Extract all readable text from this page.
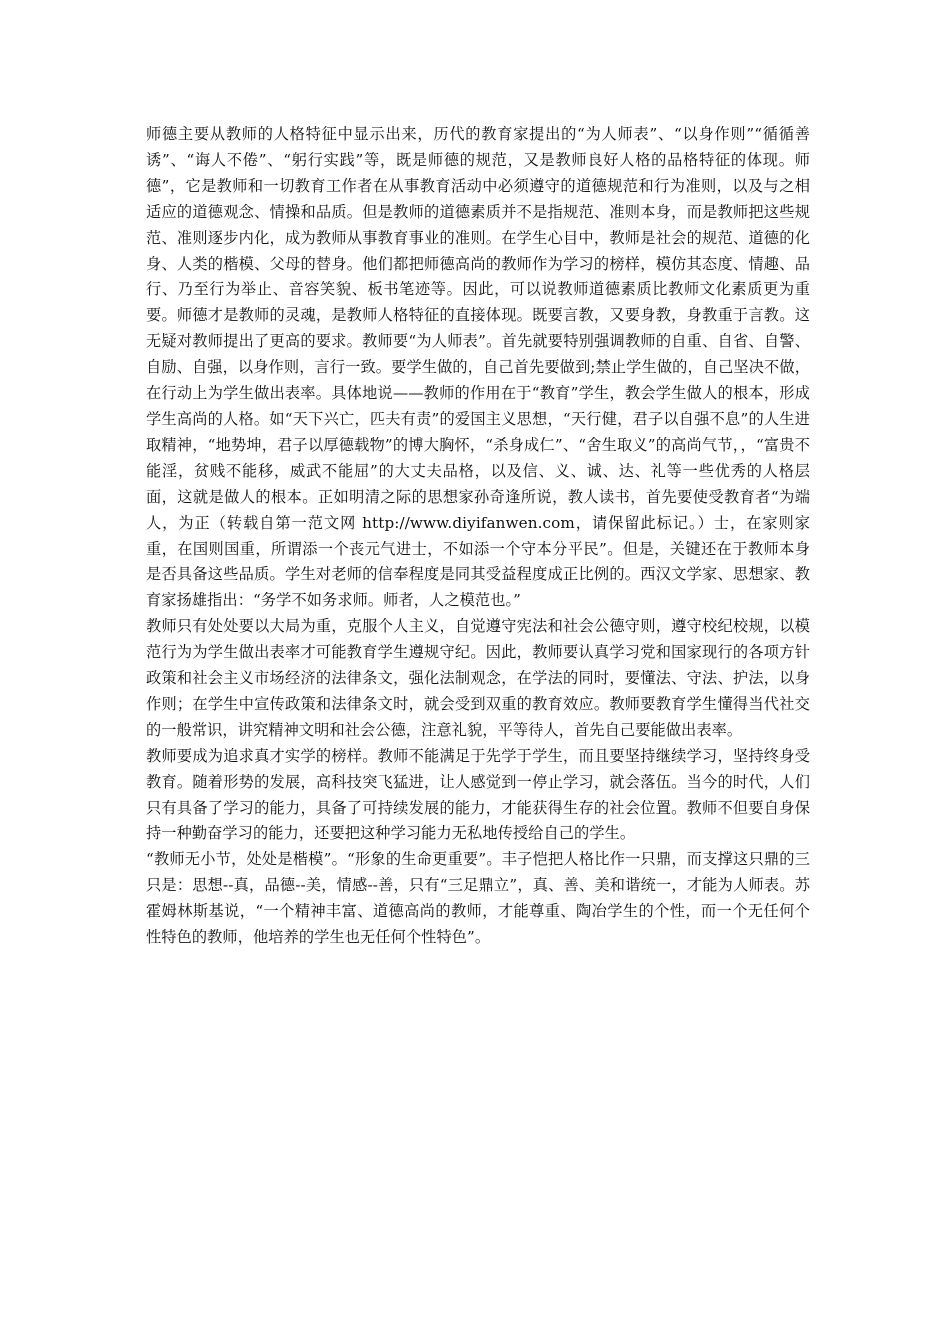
师德主要从教师的人格特征中显示出来，历代的教育家提出的“为人师表”、“以身作则”“循循善诱”、“诲人不倦”、“躬行实践”等，既是师德的规范，又是教师良好人格的品格特征的体现。师德”，它是教师和一切教育工作者在从事教育活动中必须遵守的道德规范和行为准则，以及与之相适应的道德观念、情操和品质。但是教师的道德素质并不是指规范、准则本身，而是教师把这些规范、准则逐步内化，成为教师从事教育事业的准则。在学生心目中，教师是社会的规范、道德的化身、人类的楷模、父母的替身。他们都把师德高尚的教师作为学习的榜样，模仿其态度、情趣、品行、乃至行为举止、音容笑貌、板书笔迹等。因此，可以说教师道德素质比教师文化素质更为重要。师德才是教师的灵魂，是教师人格特征的直接体现。既要言教，又要身教，身教重于言教。这无疑对教师提出了更高的要求。教师要“为人师表”。首先就要特别强调教师的自重、自省、自警、自励、自强，以身作则，言行一致。要学生做的，自己首先要做到;禁止学生做的，自己坚决不做，在行动上为学生做出表率。具体地说——教师的作用在于“教育”学生，教会学生做人的根本，形成学生高尚的人格。如“天下兴亡，匹夫有责”的爱国主义思想，“天行健，君子以自强不息”的人生进取精神，“地势坤，君子以厚德载物”的博大胸怀，“杀身成仁”、“舍生取义”的高尚气节，，“富贵不能淫，贫贱不能移，威武不能屈”的大丈夫品格，以及信、义、诚、达、礼等一些优秀的人格层面，这就是做人的根本。正如明清之际的思想家孙奇逢所说，教人读书，首先要使受教育者“为端人，为正（转载自第一范文网 http://www.diyifanwen.com，请保留此标记。）士，在家则家重，在国则国重，所谓添一个丧元气进士，不如添一个守本分平民”。但是，关键还在于教师本身是否具备这些品质。学生对老师的信奉程度是同其受益程度成正比例的。西汉文学家、思想家、教育家扬雄指出：“务学不如务求师。师者，人之模范也。”

教师只有处处要以大局为重，克服个人主义，自觉遵守宪法和社会公德守则，遵守校纪校规，以模范行为为学生做出表率才可能教育学生遵规守纪。因此，教师要认真学习党和国家现行的各项方针政策和社会主义市场经济的法律条文，强化法制观念，在学法的同时，要懂法、守法、护法，以身作则；在学生中宣传政策和法律条文时，就会受到双重的教育效应。教师要教育学生懂得当代社交的一般常识，讲究精神文明和社会公德，注意礼貌，平等待人，首先自己要能做出表率。

教师要成为追求真才实学的榜样。教师不能满足于先学于学生，而且要坚持继续学习，坚持终身受教育。随着形势的发展，高科技突飞猛进，让人感觉到一停止学习，就会落伍。当今的时代，人们只有具备了学习的能力，具备了可持续发展的能力，才能获得生存的社会位置。教师不但要自身保持一种勤奋学习的能力，还要把这种学习能力无私地传授给自己的学生。

“教师无小节，处处是楷模”。“形象的生命更重要”。丰子恺把人格比作一只鼎，而支撑这只鼎的三只是：思想--真，品德--美，情感--善，只有“三足鼎立”，真、善、美和谐统一，才能为人师表。苏霍姆林斯基说，“一个精神丰富、道德高尚的教师，才能尊重、陶冶学生的个性，而一个无任何个性特色的教师，他培养的学生也无任何个性特色”。
